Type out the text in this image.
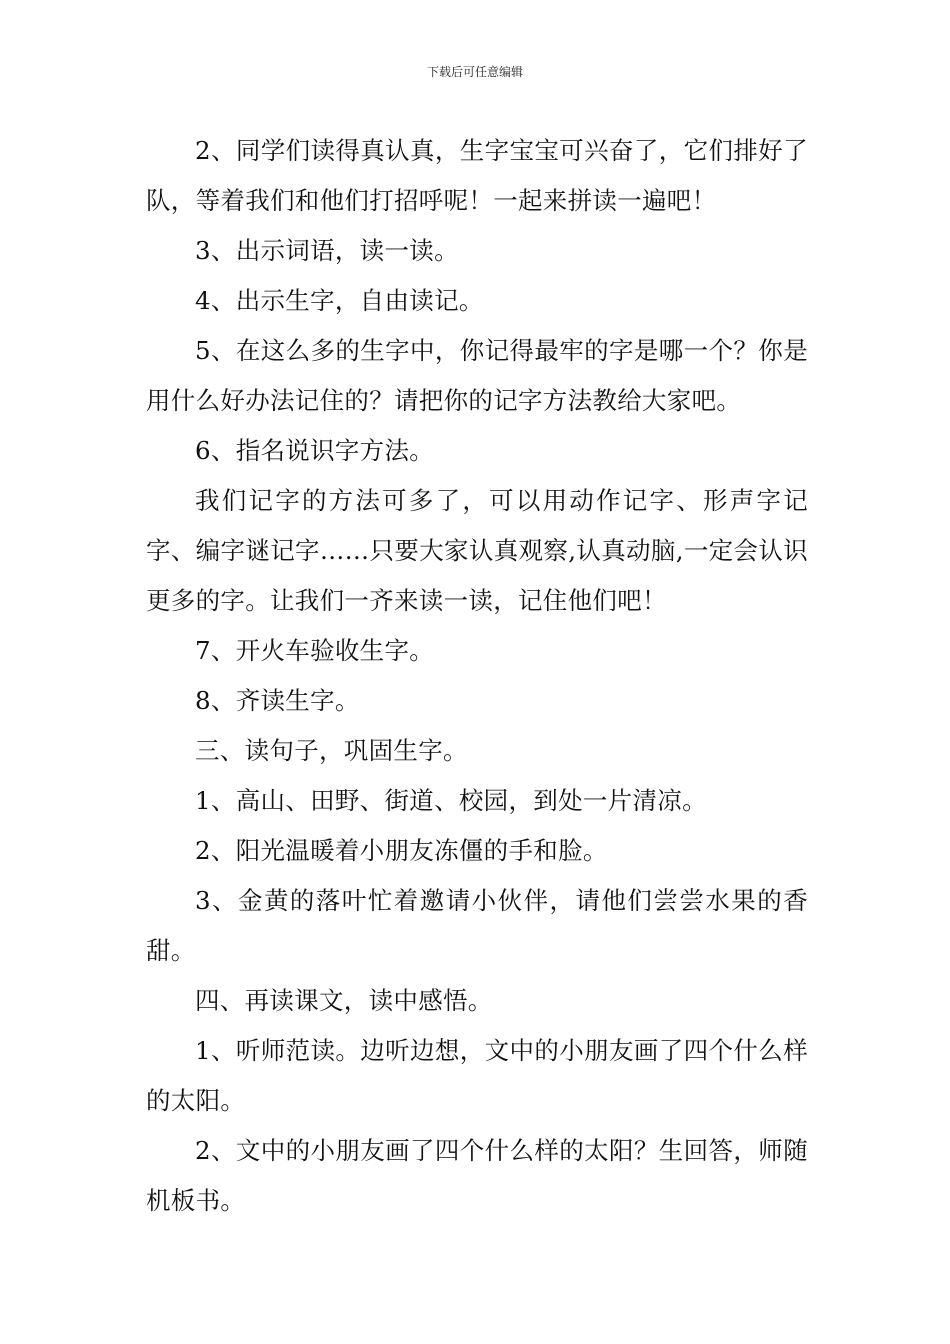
下载后可任意编辑

2、同学们读得真认真，生字宝宝可兴奋了，它们排好了队，等着我们和他们打招呼呢！一起来拼读一遍吧！

3、出示词语，读一读。

4、出示生字，自由读记。

5、在这么多的生字中，你记得最牢的字是哪一个？你是用什么好办法记住的？请把你的记字方法教给大家吧。

6、指名说识字方法。

我们记字的方法可多了，可以用动作记字、形声字记字、编字谜记字……只要大家认真观察,认真动脑,一定会认识更多的字。让我们一齐来读一读，记住他们吧！

7、开火车验收生字。

8、齐读生字。

三、读句子，巩固生字。

1、高山、田野、街道、校园，到处一片清凉。

2、阳光温暖着小朋友冻僵的手和脸。

3、金黄的落叶忙着邀请小伙伴，请他们尝尝水果的香甜。

四、再读课文，读中感悟。

1、听师范读。边听边想，文中的小朋友画了四个什么样的太阳。

2、文中的小朋友画了四个什么样的太阳？生回答，师随机板书。
